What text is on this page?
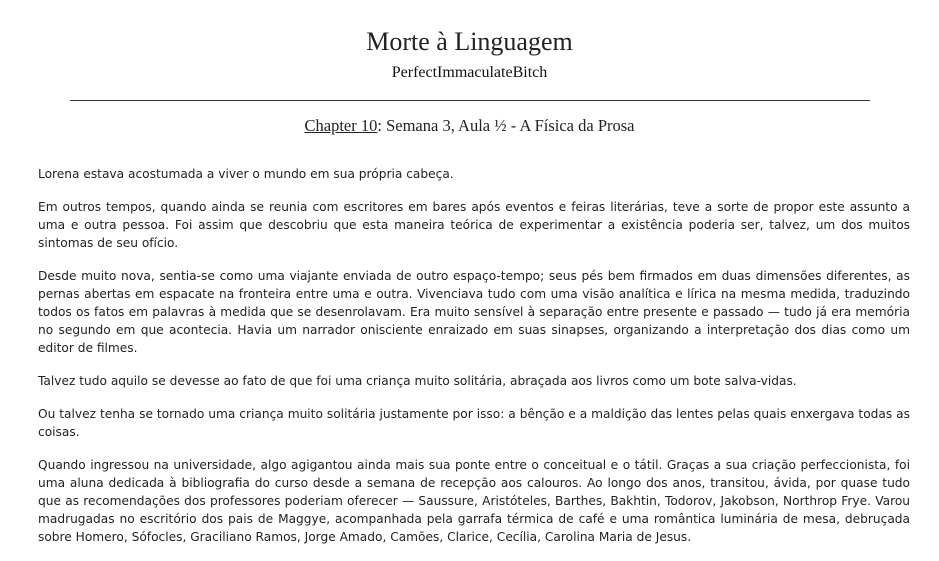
Morte à Linguagem
PerfectImmaculateBitch
Chapter 10: Semana 3, Aula ½ - A Física da Prosa

Lorena estava acostumada a viver o mundo em sua própria cabeça.

Em outros tempos, quando ainda se reunia com escritores em bares após eventos e feiras literárias, teve a sorte de propor este assunto a uma e outra pessoa. Foi assim que descobriu que esta maneira teórica de experimentar a existência poderia ser, talvez, um dos muitos sintomas de seu ofício.

Desde muito nova, sentia-se como uma viajante enviada de outro espaço-tempo; seus pés bem firmados em duas dimensões diferentes, as pernas abertas em espacate na fronteira entre uma e outra. Vivenciava tudo com uma visão analítica e lírica na mesma medida, traduzindo todos os fatos em palavras à medida que se desenrolavam. Era muito sensível à separação entre presente e passado — tudo já era memória no segundo em que acontecia. Havia um narrador onisciente enraizado em suas sinapses, organizando a interpretação dos dias como um editor de filmes.

Talvez tudo aquilo se devesse ao fato de que foi uma criança muito solitária, abraçada aos livros como um bote salva-vidas.

Ou talvez tenha se tornado uma criança muito solitária justamente por isso: a bênção e a maldição das lentes pelas quais enxergava todas as coisas.

Quando ingressou na universidade, algo agigantou ainda mais sua ponte entre o conceitual e o tátil. Graças a sua criação perfeccionista, foi uma aluna dedicada à bibliografia do curso desde a semana de recepção aos calouros. Ao longo dos anos, transitou, ávida, por quase tudo que as recomendações dos professores poderiam oferecer — Saussure, Aristóteles, Barthes, Bakhtin, Todorov, Jakobson, Northrop Frye. Varou madrugadas no escritório dos pais de Maggye, acompanhada pela garrafa térmica de café e uma romântica luminária de mesa, debruçada sobre Homero, Sófocles, Graciliano Ramos, Jorge Amado, Camões, Clarice, Cecília, Carolina Maria de Jesus.
